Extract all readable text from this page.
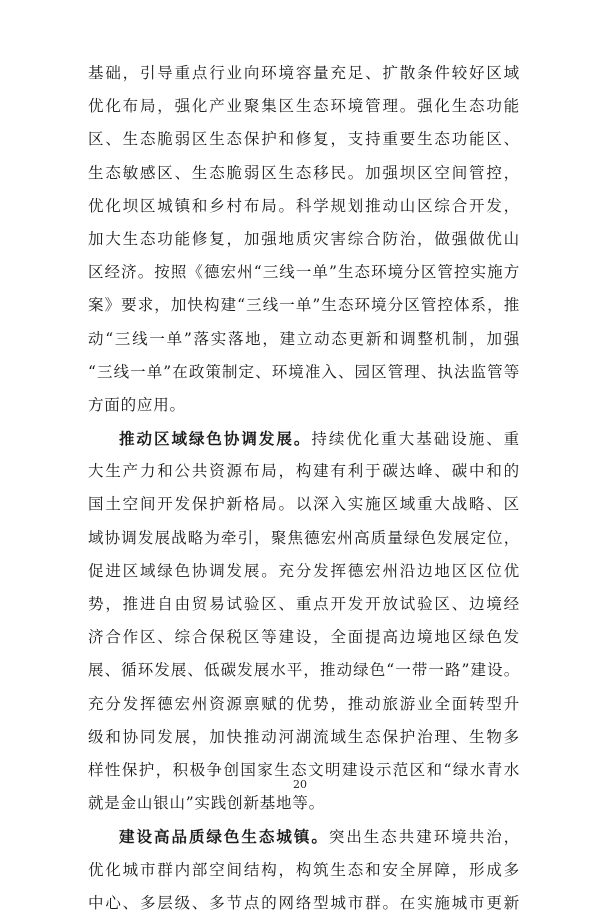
基础，引导重点行业向环境容量充足、扩散条件较好区域
优化布局，强化产业聚集区生态环境管理。强化生态功能
区、生态脆弱区生态保护和修复，支持重要生态功能区、
生态敏感区、生态脆弱区生态移民。加强坝区空间管控，
优化坝区城镇和乡村布局。科学规划推动山区综合开发，
加大生态功能修复，加强地质灾害综合防治，做强做优山
区经济。按照《德宏州“三线一单”生态环境分区管控实施方
案》要求，加快构建“三线一单”生态环境分区管控体系，推
动“三线一单”落实落地，建立动态更新和调整机制，加强
“三线一单”在政策制定、环境准入、园区管理、执法监管等
方面的应用。
推动区域绿色协调发展。持续优化重大基础设施、重
大生产力和公共资源布局，构建有利于碳达峰、碳中和的
国土空间开发保护新格局。以深入实施区域重大战略、区
域协调发展战略为牵引，聚焦德宏州高质量绿色发展定位，
促进区域绿色协调发展。充分发挥德宏州沿边地区区位优
势，推进自由贸易试验区、重点开发开放试验区、边境经
济合作区、综合保税区等建设，全面提高边境地区绿色发
展、循环发展、低碳发展水平，推动绿色“一带一路”建设。
充分发挥德宏州资源禀赋的优势，推动旅游业全面转型升
级和协同发展，加快推动河湖流域生态保护治理、生物多
样性保护，积极争创国家生态文明建设示范区和“绿水青水
就是金山银山”实践创新基地等。
建设高品质绿色生态城镇。突出生态共建环境共治，
优化城市群内部空间结构，构筑生态和安全屏障，形成多
中心、多层级、多节点的网络型城市群。在实施城市更新
20
